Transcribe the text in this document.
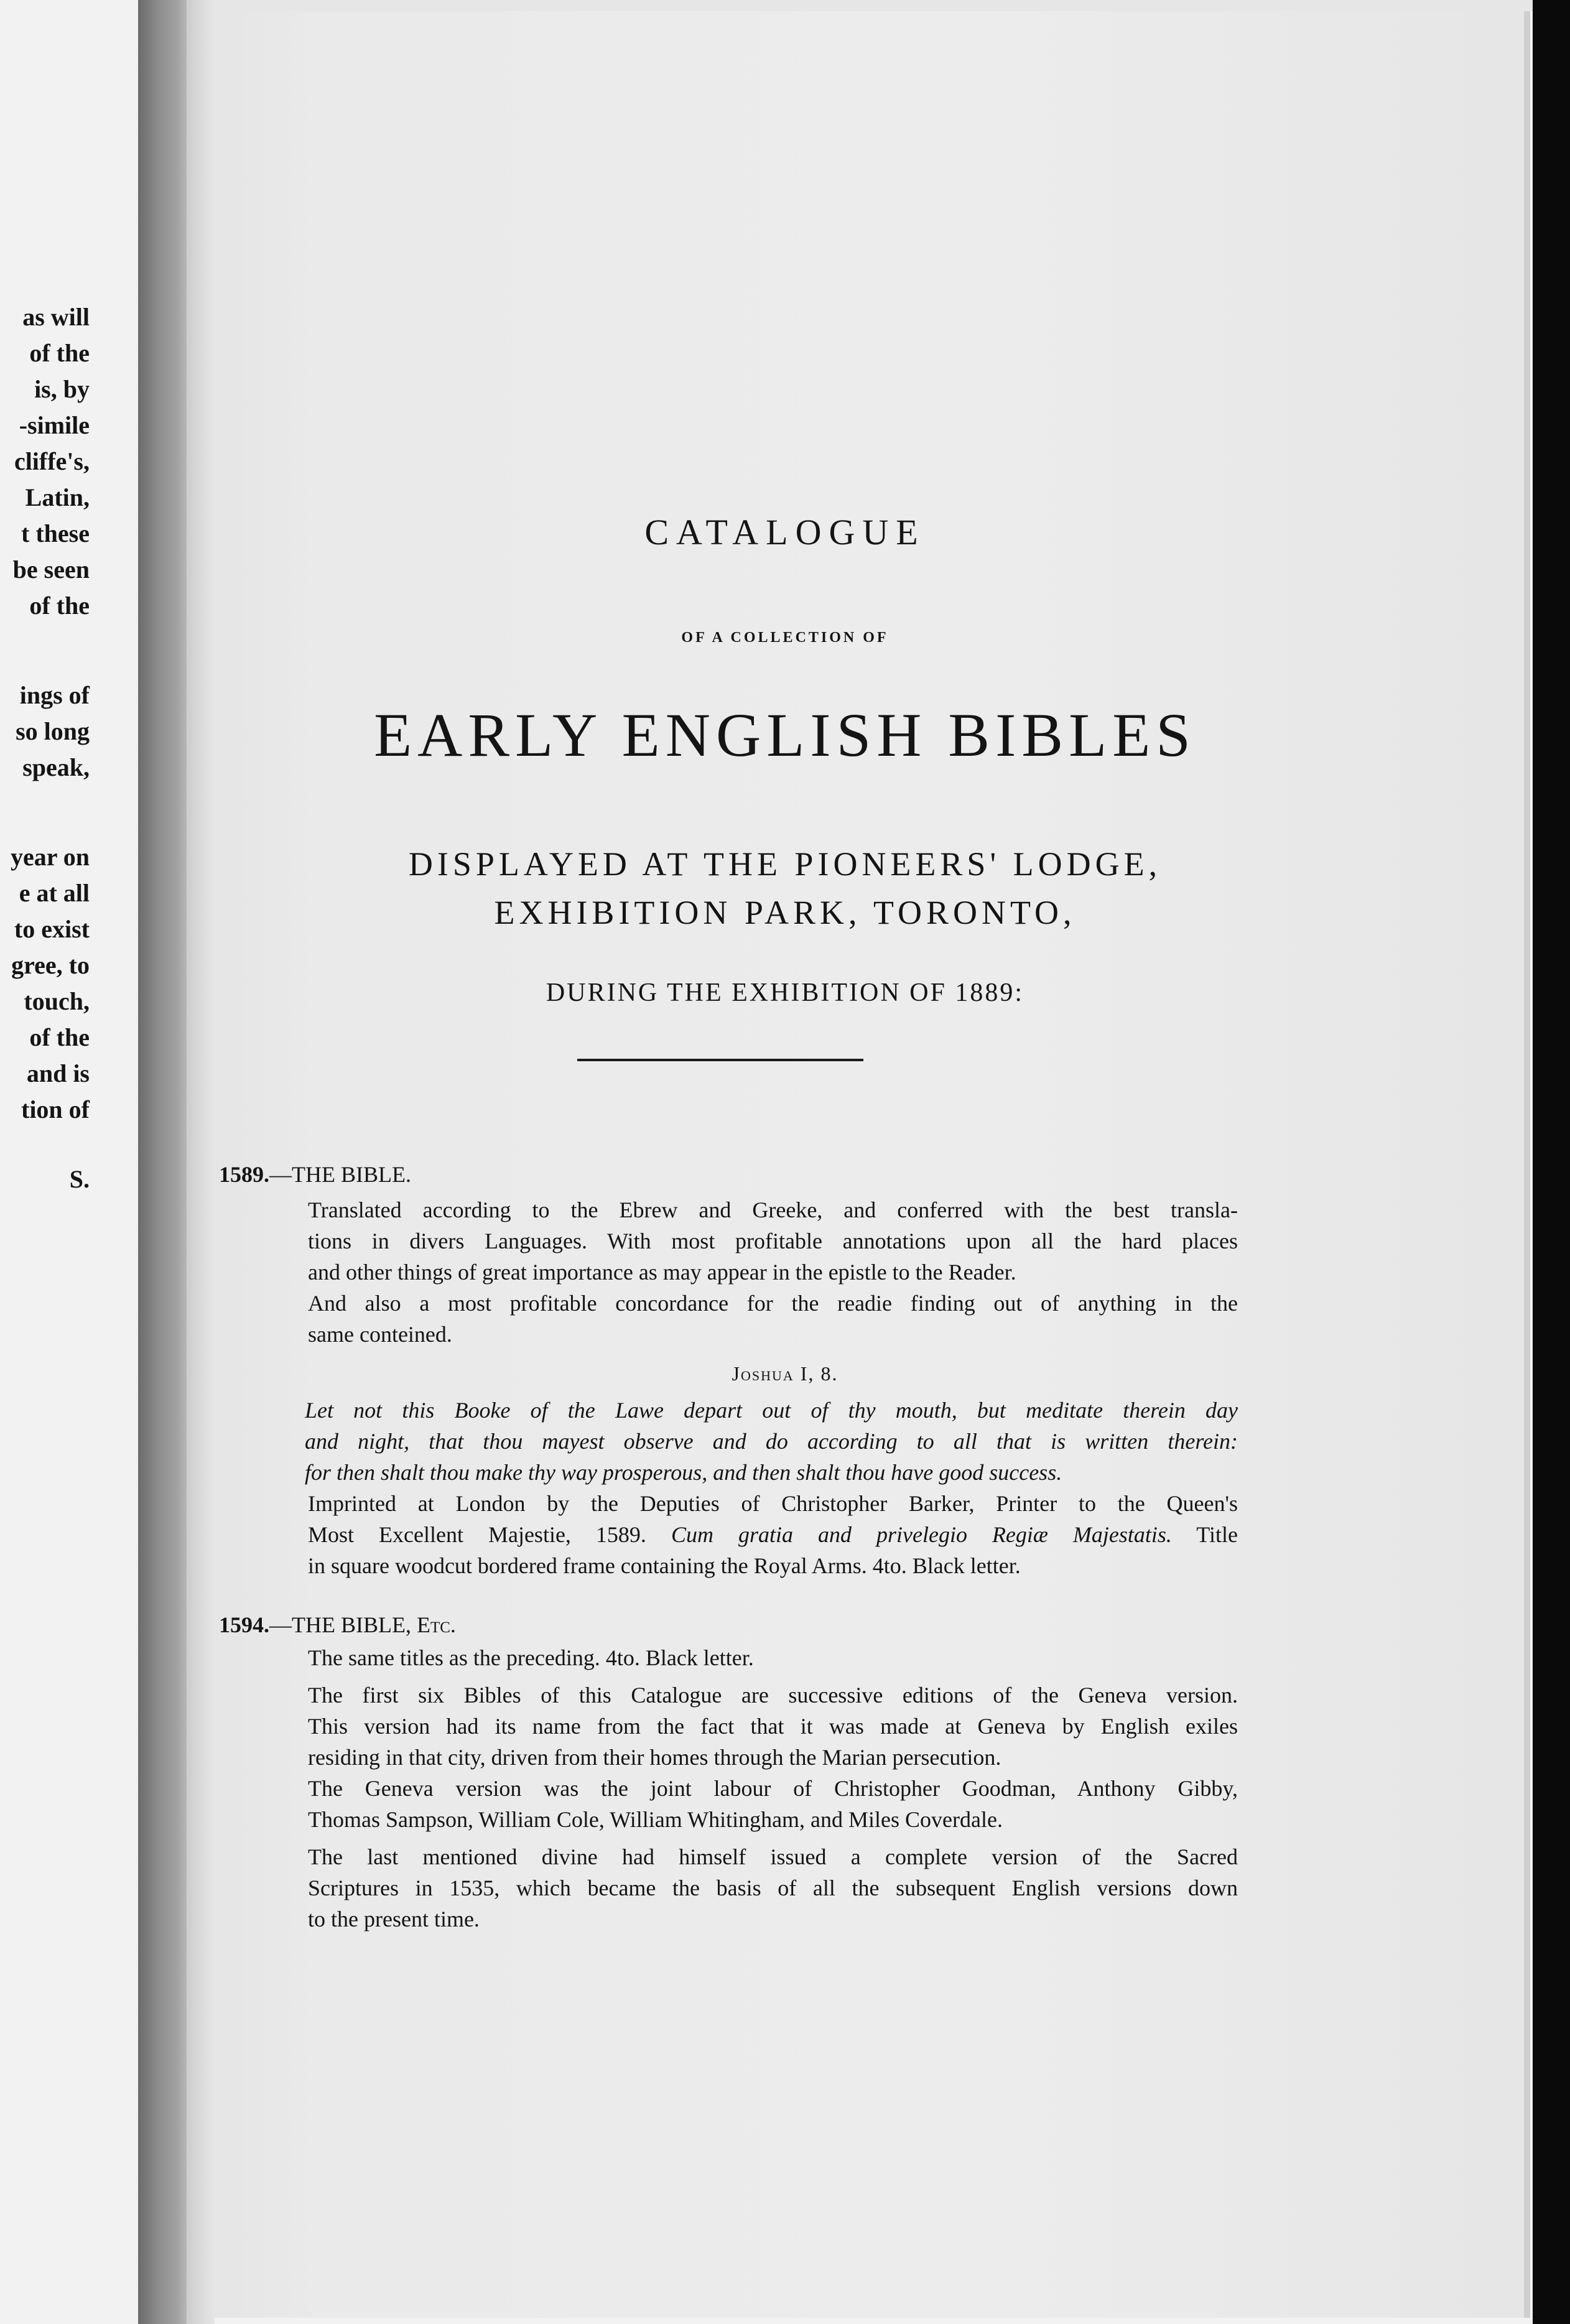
as will

of the

is, by

-simile

cliffe's,

Latin,

t these

be seen

of the

ings of

so long

speak,

year on

e at all

to exist

gree, to

touch,

of the

and is

tion of

S.

CATALOGUE

OF A COLLECTION OF

EARLY ENGLISH BIBLES

DISPLAYED AT THE PIONEERS' LODGE,

EXHIBITION PARK, TORONTO,

DURING THE EXHIBITION OF 1889:

1589.—THE BIBLE.

Translated according to the Ebrew and Greeke, and conferred with the best transla-
tions in divers Languages. With most profitable annotations upon all the hard places
and other things of great importance as may appear in the epistle to the Reader.

And also a most profitable concordance for the readie finding out of anything in the
same conteined.

Joshua I, 8.

Let not this Booke of the Lawe depart out of thy mouth, but meditate therein day
and night, that thou mayest observe and do according to all that is written therein:
for then shalt thou make thy way prosperous, and then shalt thou have good success.

Imprinted at London by the Deputies of Christopher Barker, Printer to the Queen's
Most Excellent Majestie, 1589. Cum gratia and privelegio Regiæ Majestatis. Title
in square woodcut bordered frame containing the Royal Arms. 4to. Black letter.

1594.—THE BIBLE, Etc.

The same titles as the preceding. 4to. Black letter.

The first six Bibles of this Catalogue are successive editions of the Geneva version.
This version had its name from the fact that it was made at Geneva by English exiles
residing in that city, driven from their homes through the Marian persecution.

The Geneva version was the joint labour of Christopher Goodman, Anthony Gibby,
Thomas Sampson, William Cole, William Whitingham, and Miles Coverdale.

The last mentioned divine had himself issued a complete version of the Sacred
Scriptures in 1535, which became the basis of all the subsequent English versions down
to the present time.
